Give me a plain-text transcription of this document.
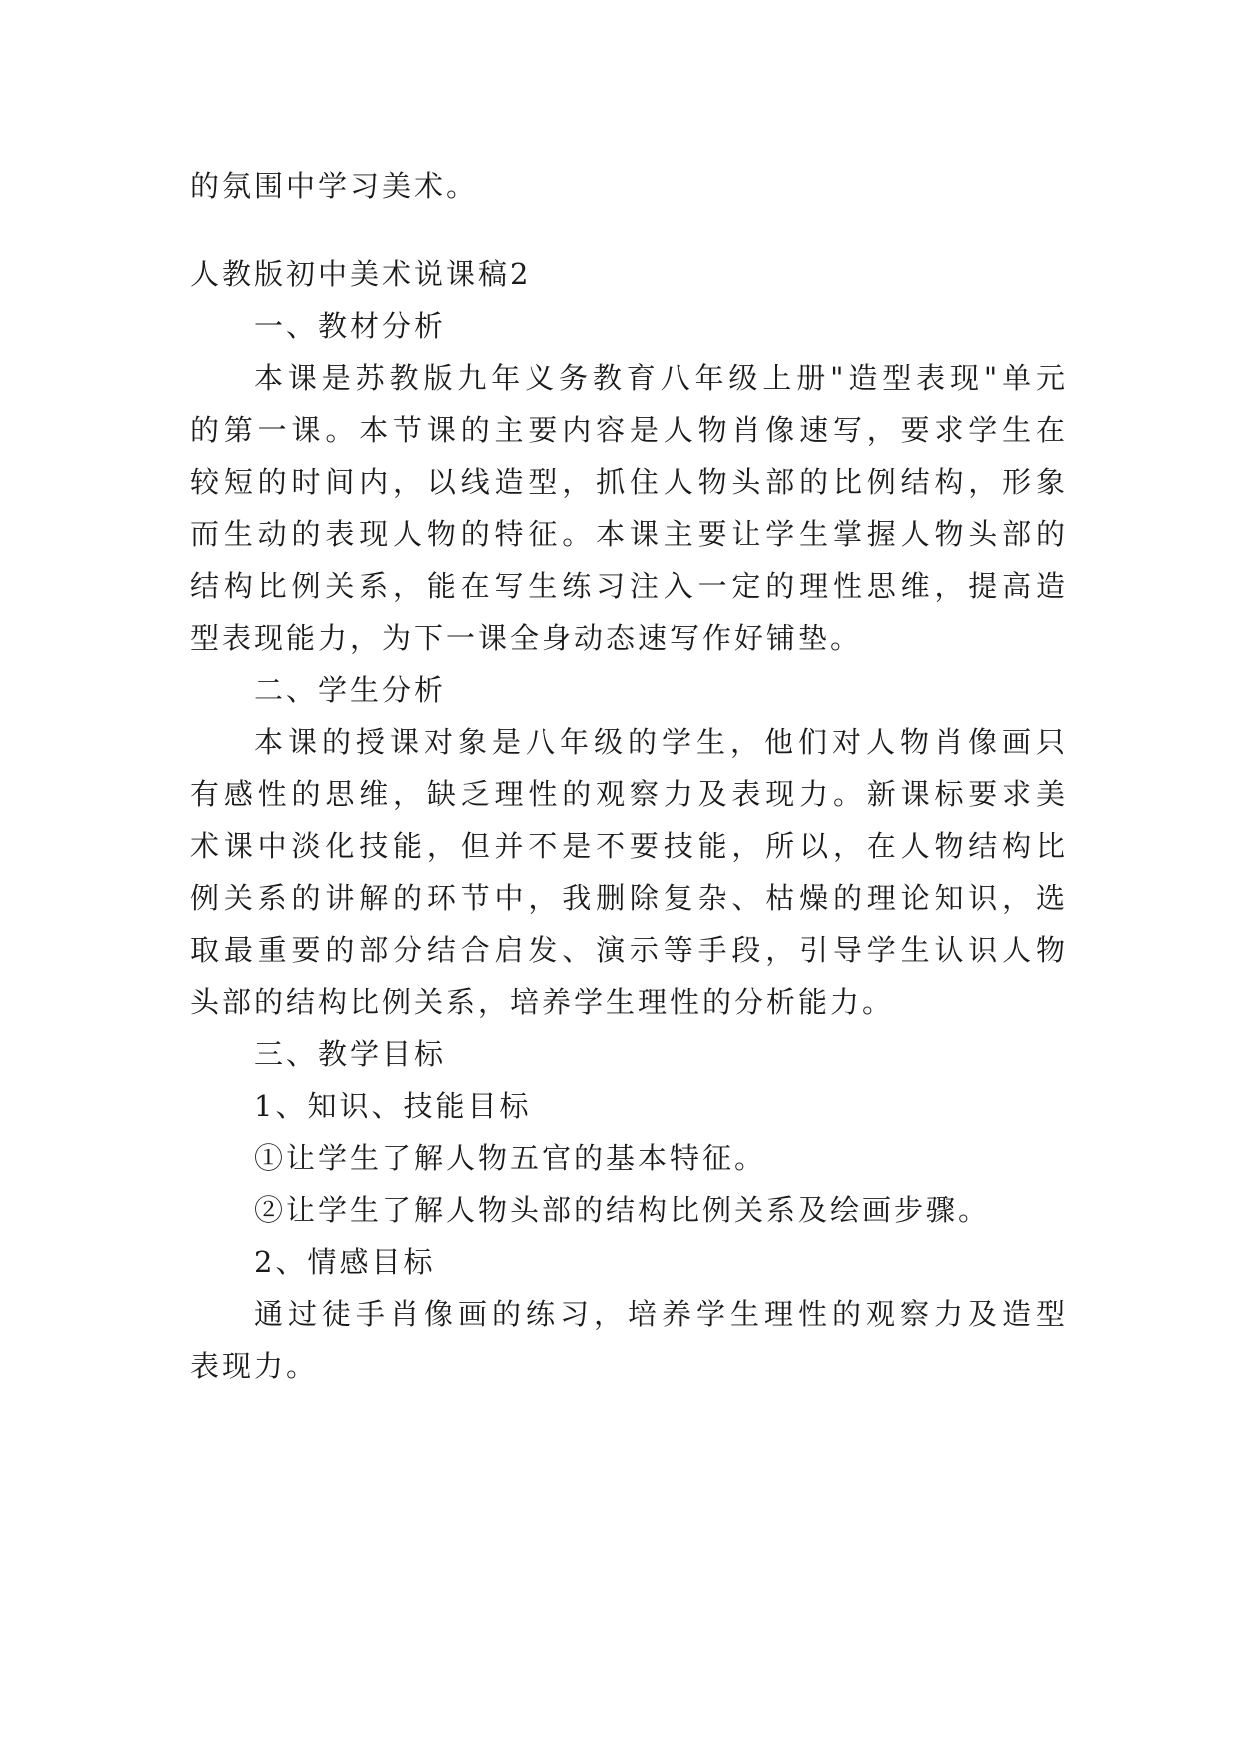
的氛围中学习美术。
人教版初中美术说课稿2
一、教材分析
本课是苏教版九年义务教育八年级上册"造型表现"单元
的第一课。本节课的主要内容是人物肖像速写，要求学生在
较短的时间内，以线造型，抓住人物头部的比例结构，形象
而生动的表现人物的特征。本课主要让学生掌握人物头部的
结构比例关系，能在写生练习注入一定的理性思维，提高造
型表现能力，为下一课全身动态速写作好铺垫。
二、学生分析
本课的授课对象是八年级的学生，他们对人物肖像画只
有感性的思维，缺乏理性的观察力及表现力。新课标要求美
术课中淡化技能，但并不是不要技能，所以，在人物结构比
例关系的讲解的环节中，我删除复杂、枯燥的理论知识，选
取最重要的部分结合启发、演示等手段，引导学生认识人物
头部的结构比例关系，培养学生理性的分析能力。
三、教学目标
1、知识、技能目标
①让学生了解人物五官的基本特征。
②让学生了解人物头部的结构比例关系及绘画步骤。
2、情感目标
通过徒手肖像画的练习，培养学生理性的观察力及造型
表现力。
